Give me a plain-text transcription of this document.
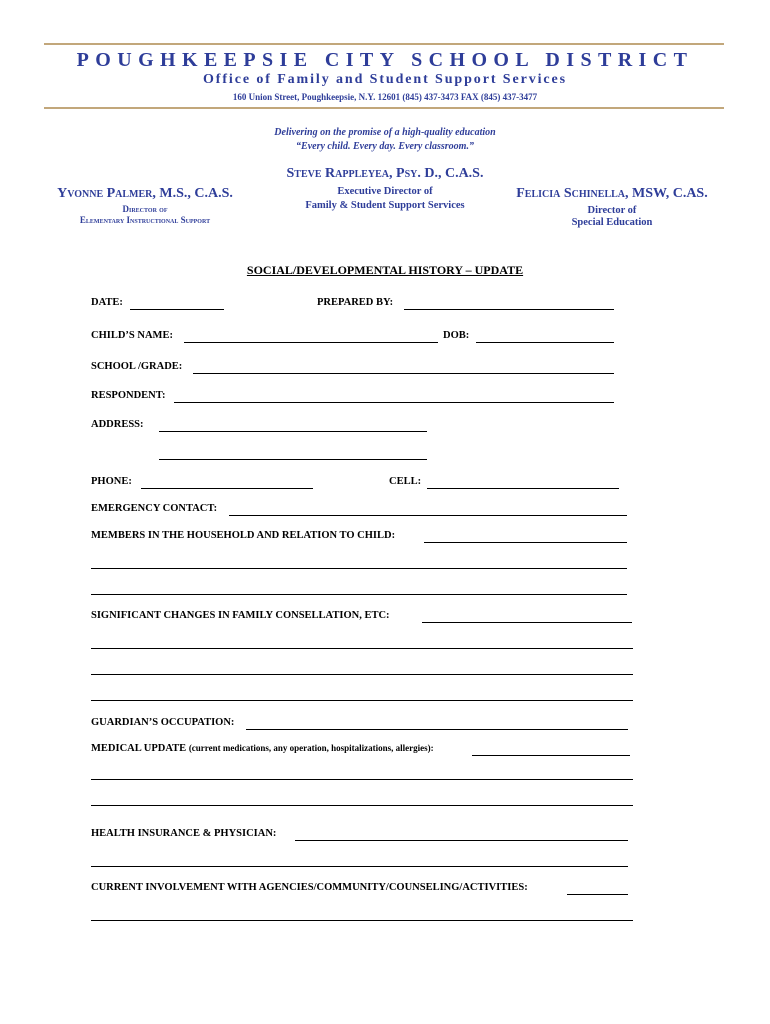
POUGHKEEPSIE CITY SCHOOL DISTRICT
Office of Family and Student Support Services
160 Union Street, Poughkeepsie, N.Y. 12601 (845) 437-3473 FAX (845) 437-3477
Delivering on the promise of a high-quality education
“Every child. Every day. Every classroom.”
Steve Rappleyea, Psy. D., C.A.S.
Executive Director of
Family & Student Support Services
Yvonne Palmer, M.S., C.A.S.
Director of
Elementary Instructional Support
Felicia Schinella, MSW, C.AS.
Director of
Special Education
SOCIAL/DEVELOPMENTAL HISTORY – UPDATE
DATE:	PREPARED BY:
CHILD’S NAME:	DOB:
SCHOOL /GRADE:
RESPONDENT:
ADDRESS:
PHONE:	CELL:
EMERGENCY CONTACT:
MEMBERS IN THE HOUSEHOLD AND RELATION TO CHILD:
SIGNIFICANT CHANGES IN FAMILY CONSELLATION, ETC:
GUARDIAN’S OCCUPATION:
MEDICAL UPDATE (current medications, any operation, hospitalizations, allergies):
HEALTH INSURANCE & PHYSICIAN:
CURRENT INVOLVEMENT WITH AGENCIES/COMMUNITY/COUNSELING/ACTIVITIES:
